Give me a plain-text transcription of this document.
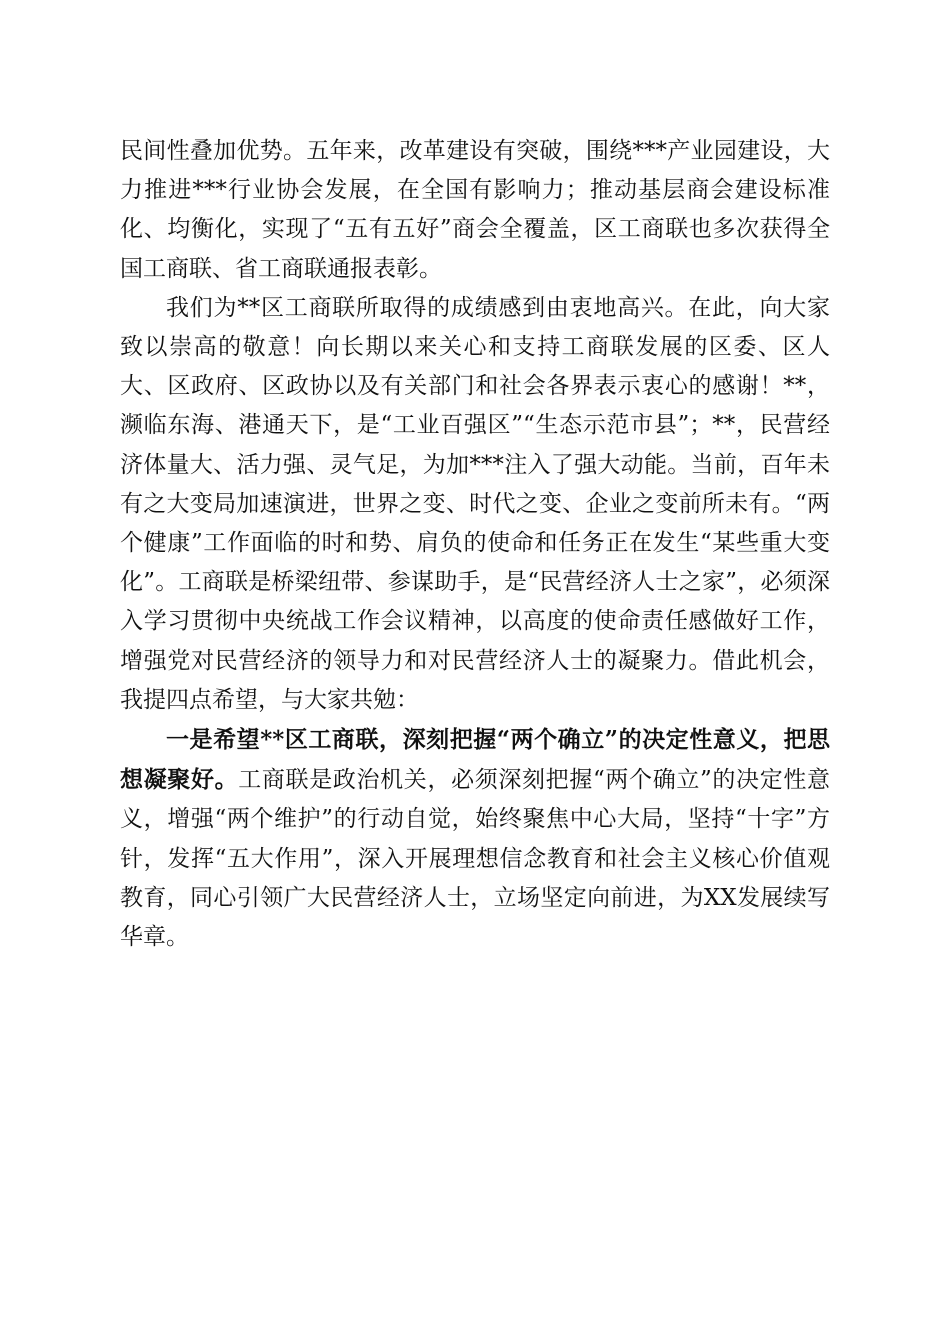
民间性叠加优势。五年来，改革建设有突破，围绕***产业园建设，大力推进***行业协会发展，在全国有影响力；推动基层商会建设标准化、均衡化，实现了“五有五好”商会全覆盖，区工商联也多次获得全国工商联、省工商联通报表彰。

我们为**区工商联所取得的成绩感到由衷地高兴。在此，向大家致以崇高的敬意！向长期以来关心和支持工商联发展的区委、区人大、区政府、区政协以及有关部门和社会各界表示衷心的感谢！**，濒临东海、港通天下，是“工业百强区”“生态示范市县”；**，民营经济体量大、活力强、灵气足，为加***注入了强大动能。当前，百年未有之大变局加速演进，世界之变、时代之变、企业之变前所未有。“两个健康”工作面临的时和势、肩负的使命和任务正在发生“某些重大变化”。工商联是桥梁纽带、参谋助手，是“民营经济人士之家”，必须深入学习贯彻中央统战工作会议精神，以高度的使命责任感做好工作，增强党对民营经济的领导力和对民营经济人士的凝聚力。借此机会，我提四点希望，与大家共勉：

一是希望**区工商联，深刻把握“两个确立”的决定性意义，把思想凝聚好。工商联是政治机关，必须深刻把握“两个确立”的决定性意义，增强“两个维护”的行动自觉，始终聚焦中心大局，坚持“十字”方针，发挥“五大作用”，深入开展理想信念教育和社会主义核心价值观教育，同心引领广大民营经济人士，立场坚定向前进，为XX发展续写华章。
